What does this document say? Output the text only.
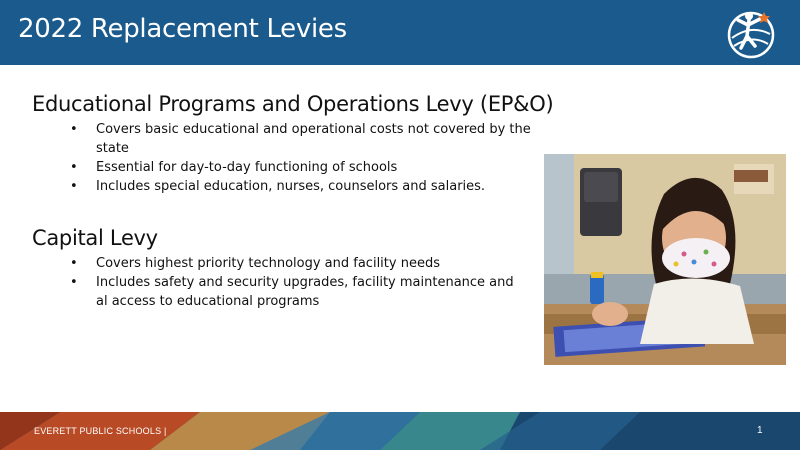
2022 Replacement Levies
Educational Programs and Operations Levy (EP&O)
• Covers basic educational and operational costs not covered by the state
• Essential for day-to-day functioning of schools
• Includes special education, nurses, counselors and salaries.
Capital Levy
• Covers highest priority technology and facility needs
• Includes safety and security upgrades, facility maintenance and al access to educational programs
EVERETT PUBLIC SCHOOLS |	1
